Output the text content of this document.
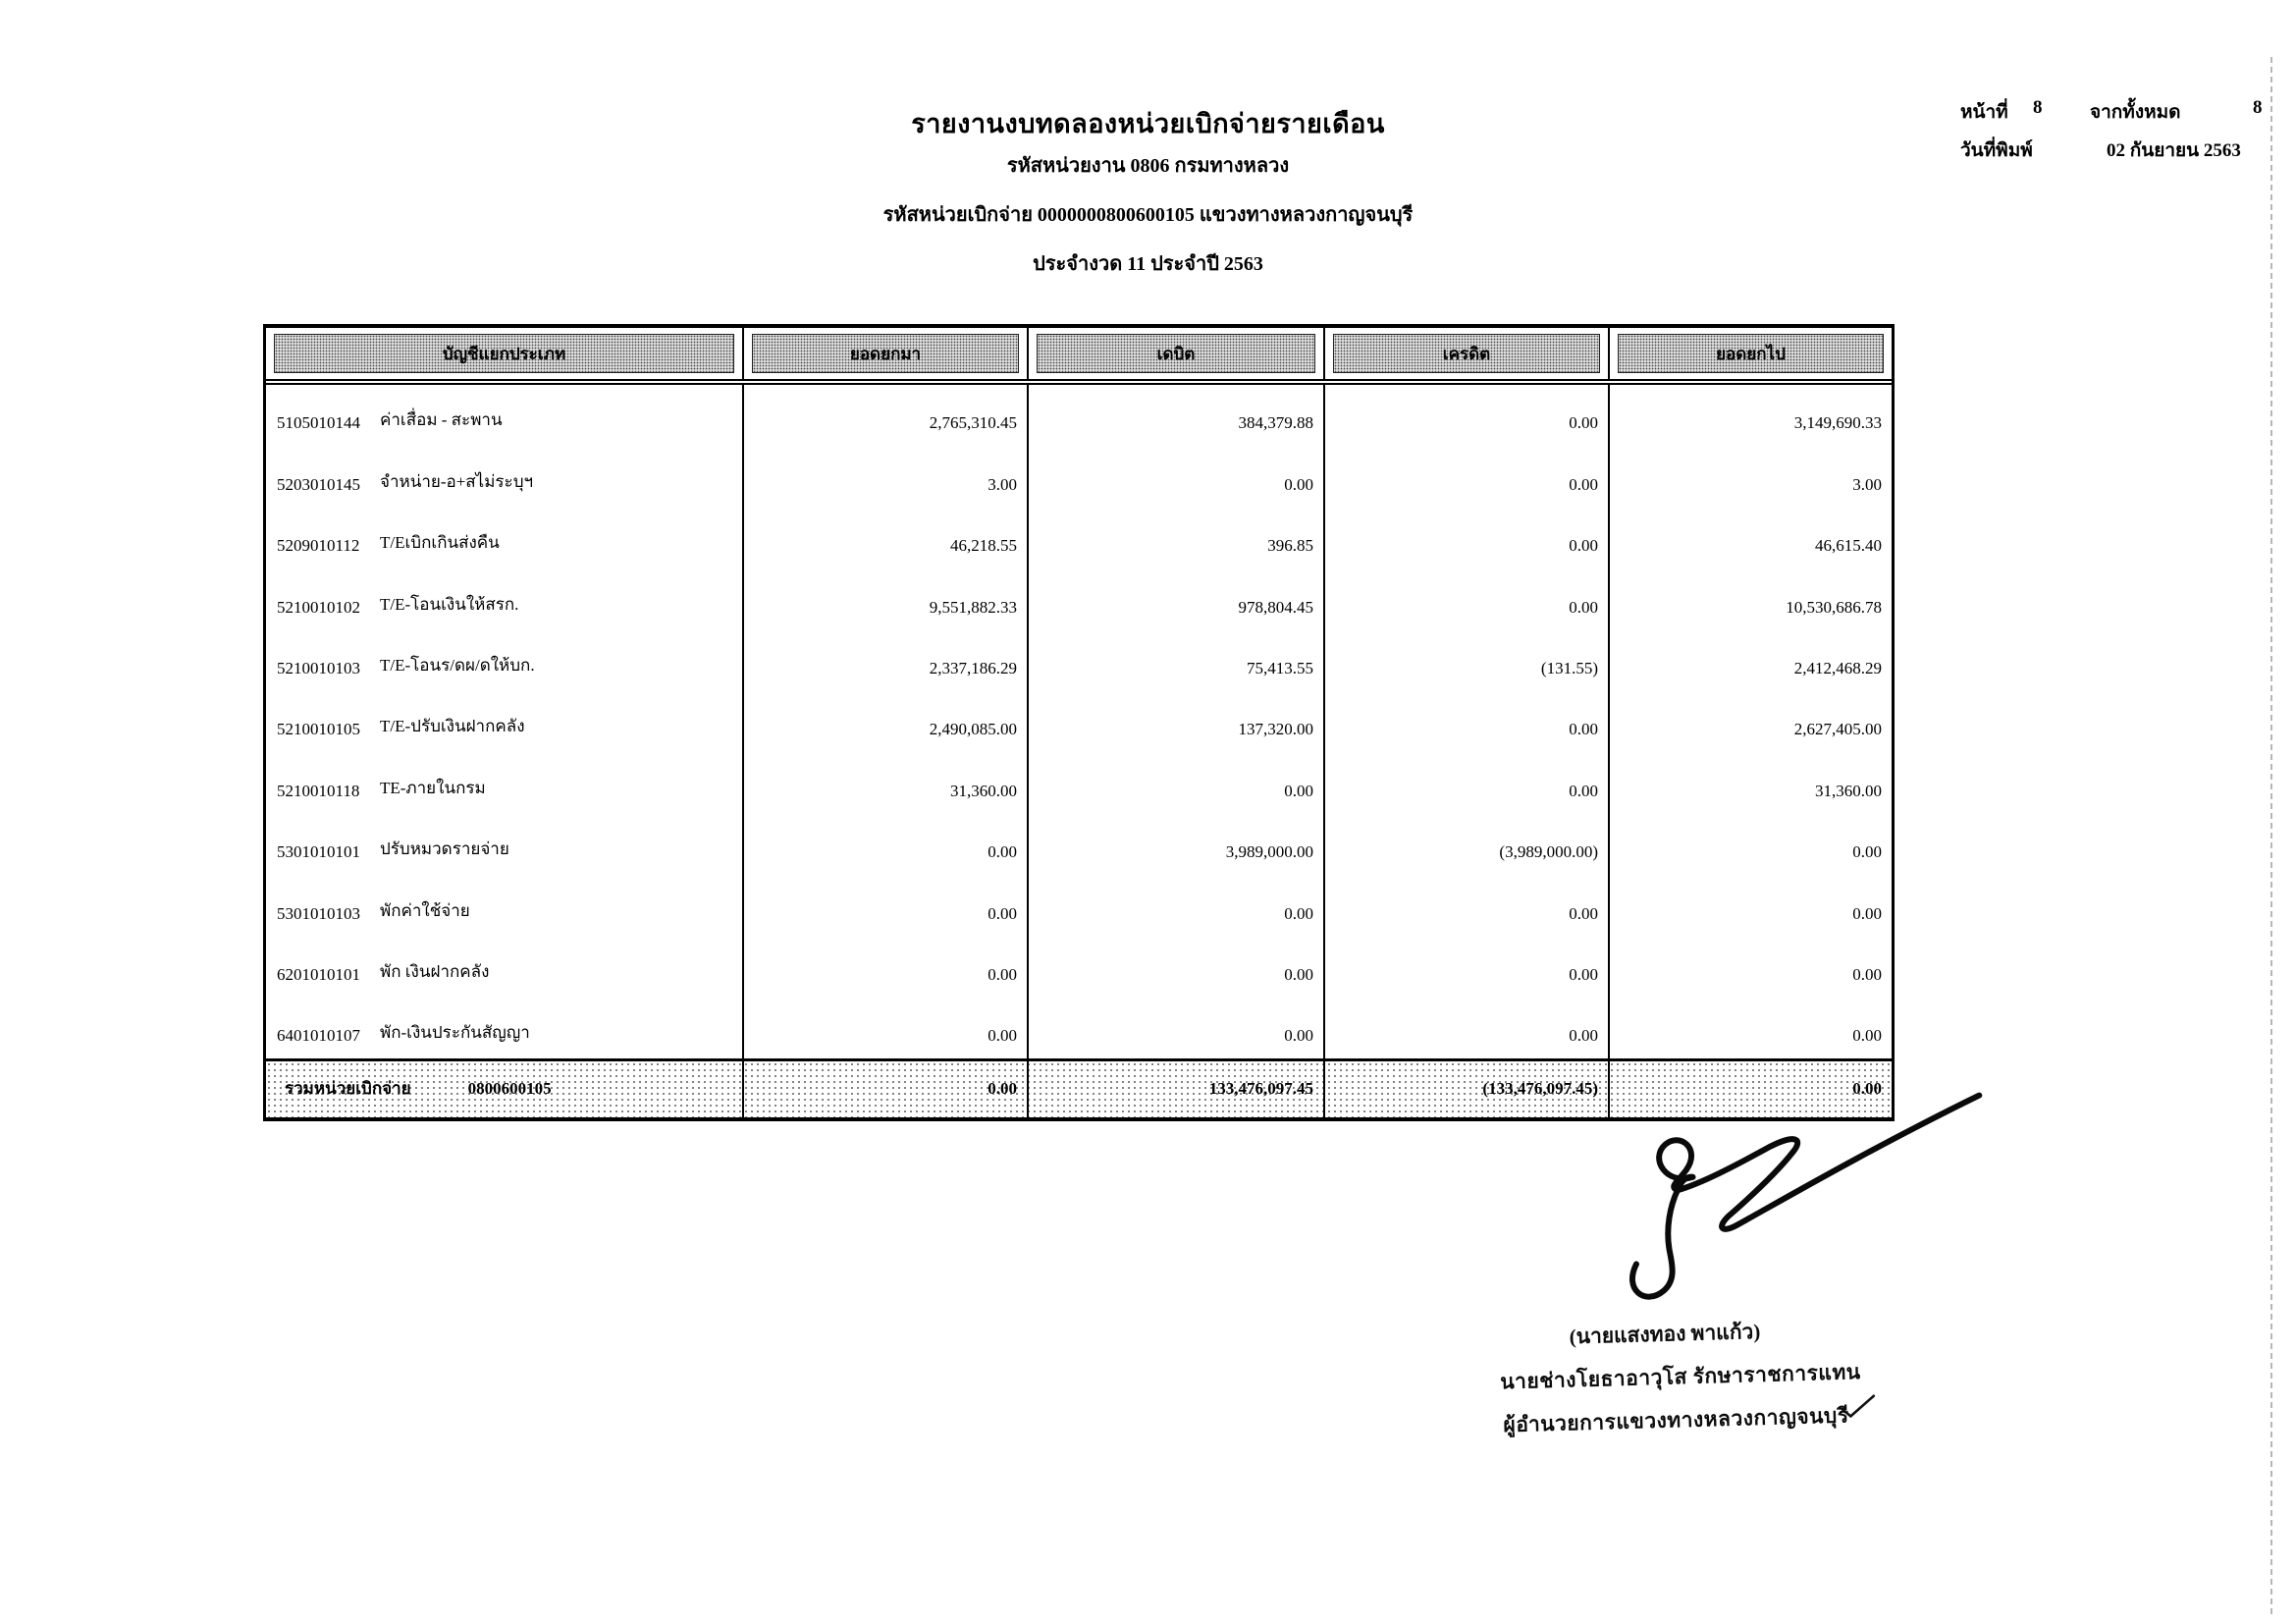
รายงานงบทดลองหน่วยเบิกจ่ายรายเดือน
รหัสหน่วยงาน 0806 กรมทางหลวง
รหัสหน่วยเบิกจ่าย 0000000800600105 แขวงทางหลวงกาญจนบุรี
ประจำงวด 11 ประจำปี 2563
หน้าที่ 8	จากทั้งหมด	8
วันที่พิมพ์	02 กันยายน 2563
บัญชีแยกประเภท	ยอดยกมา	เดบิต	เครดิต	ยอดยกไป
5105010144	ค่าเสื่อม - สะพาน	2,765,310.45	384,379.88	0.00	3,149,690.33
5203010145	จำหน่าย-อ+สไม่ระบุฯ	3.00	0.00	0.00	3.00
5209010112	T/Eเบิกเกินส่งคืน	46,218.55	396.85	0.00	46,615.40
5210010102	T/E-โอนเงินให้สรก.	9,551,882.33	978,804.45	0.00	10,530,686.78
5210010103	T/E-โอนร/ดผ/ดให้บก.	2,337,186.29	75,413.55	(131.55)	2,412,468.29
5210010105	T/E-ปรับเงินฝากคลัง	2,490,085.00	137,320.00	0.00	2,627,405.00
5210010118	TE-ภายในกรม	31,360.00	0.00	0.00	31,360.00
5301010101	ปรับหมวดรายจ่าย	0.00	3,989,000.00	(3,989,000.00)	0.00
5301010103	พักค่าใช้จ่าย	0.00	0.00	0.00	0.00
6201010101	พัก เงินฝากคลัง	0.00	0.00	0.00	0.00
6401010107	พัก-เงินประกันสัญญา	0.00	0.00	0.00	0.00
รวมหน่วยเบิกจ่าย	0800600105	0.00	133,476,097.45	(133,476,097.45)	0.00
(นายแสงทอง พาแก้ว)
นายช่างโยธาอาวุโส รักษาราชการแทน
ผู้อำนวยการแขวงทางหลวงกาญจนบุรี
